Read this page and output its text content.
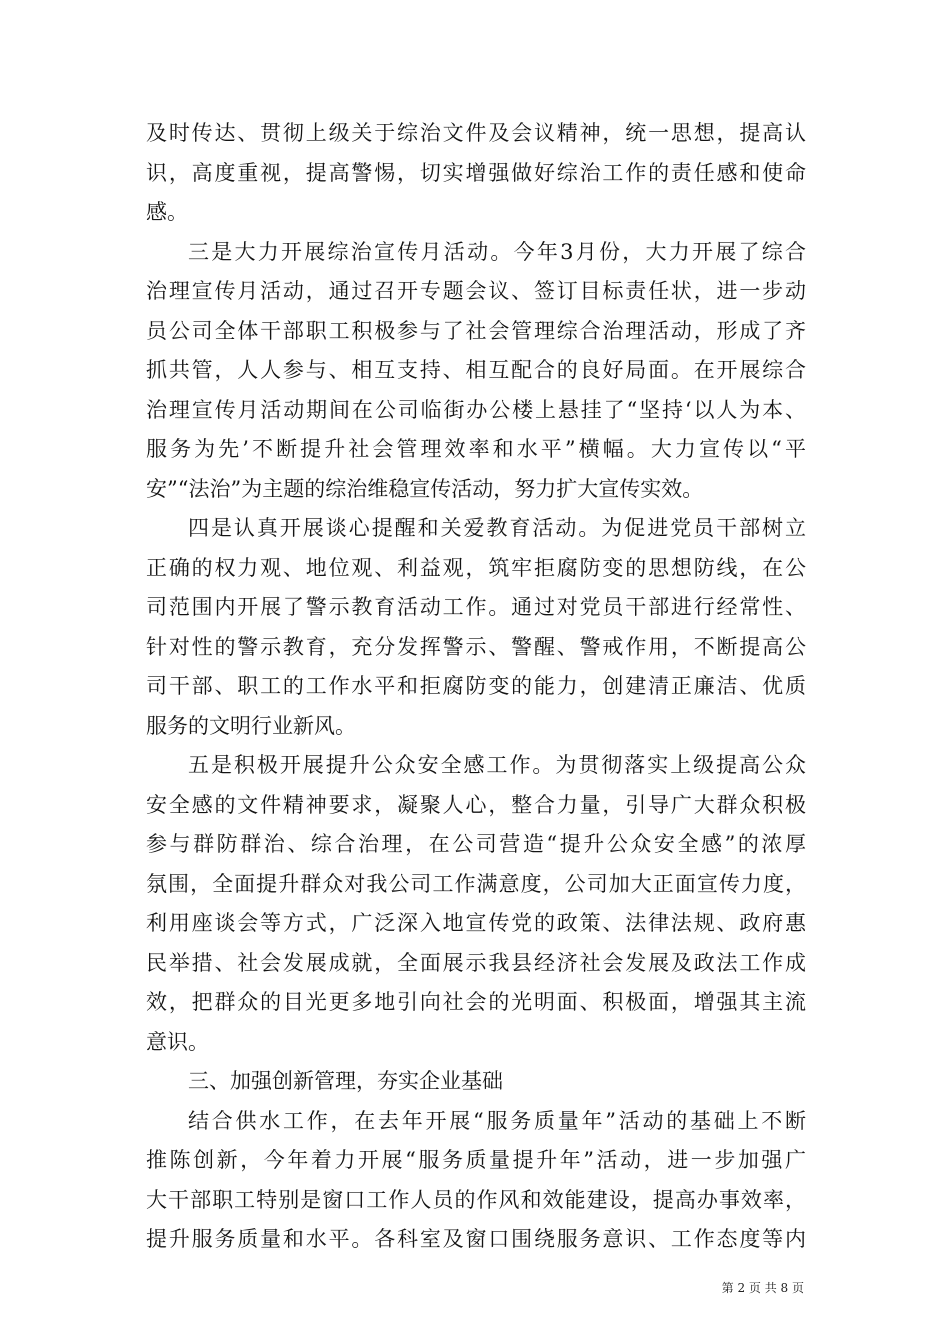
及时传达、贯彻上级关于综治文件及会议精神，统一思想，提高认
识，高度重视，提高警惕，切实增强做好综治工作的责任感和使命
感。
三是大力开展综治宣传月活动。今年3月份，大力开展了综合
治理宣传月活动，通过召开专题会议、签订目标责任状，进一步动
员公司全体干部职工积极参与了社会管理综合治理活动，形成了齐
抓共管，人人参与、相互支持、相互配合的良好局面。在开展综合
治理宣传月活动期间在公司临街办公楼上悬挂了“坚持‘以人为本、
服务为先’不断提升社会管理效率和水平”横幅。大力宣传以“平
安”“法治”为主题的综治维稳宣传活动，努力扩大宣传实效。
四是认真开展谈心提醒和关爱教育活动。为促进党员干部树立
正确的权力观、地位观、利益观，筑牢拒腐防变的思想防线，在公
司范围内开展了警示教育活动工作。通过对党员干部进行经常性、
针对性的警示教育，充分发挥警示、警醒、警戒作用，不断提高公
司干部、职工的工作水平和拒腐防变的能力，创建清正廉洁、优质
服务的文明行业新风。
五是积极开展提升公众安全感工作。为贯彻落实上级提高公众
安全感的文件精神要求，凝聚人心，整合力量，引导广大群众积极
参与群防群治、综合治理，在公司营造“提升公众安全感”的浓厚
氛围，全面提升群众对我公司工作满意度，公司加大正面宣传力度，
利用座谈会等方式，广泛深入地宣传党的政策、法律法规、政府惠
民举措、社会发展成就，全面展示我县经济社会发展及政法工作成
效，把群众的目光更多地引向社会的光明面、积极面，增强其主流
意识。
三、加强创新管理，夯实企业基础
结合供水工作，在去年开展“服务质量年”活动的基础上不断
推陈创新，今年着力开展“服务质量提升年”活动，进一步加强广
大干部职工特别是窗口工作人员的作风和效能建设，提高办事效率，
提升服务质量和水平。各科室及窗口围绕服务意识、工作态度等内
第 2 页 共 8 页
